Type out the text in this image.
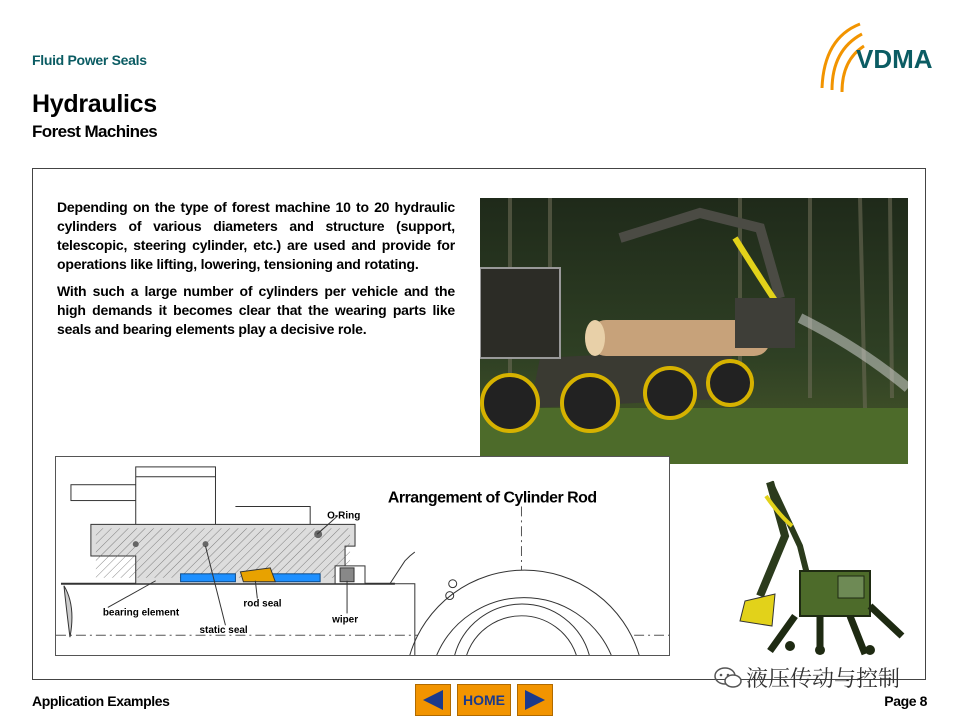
Fluid Power Seals
Hydraulics
Forest Machines
VDMA

Depending on the type of forest machine 10 to 20 hydraulic cylinders of various diameters and structure (support, telescopic, steering cylinder, etc.) are used and provide for operations like lifting, lowering, tensioning and rotating.

With such a large number of cylinders per vehicle and the high demands it becomes clear that the wearing parts like seals and bearing elements play a decisive role.

Arrangement of Cylinder Rod
O-Ring
rod seal
bearing element
wiper
static seal
液压传动与控制
Application Examples	HOME	Page 8
